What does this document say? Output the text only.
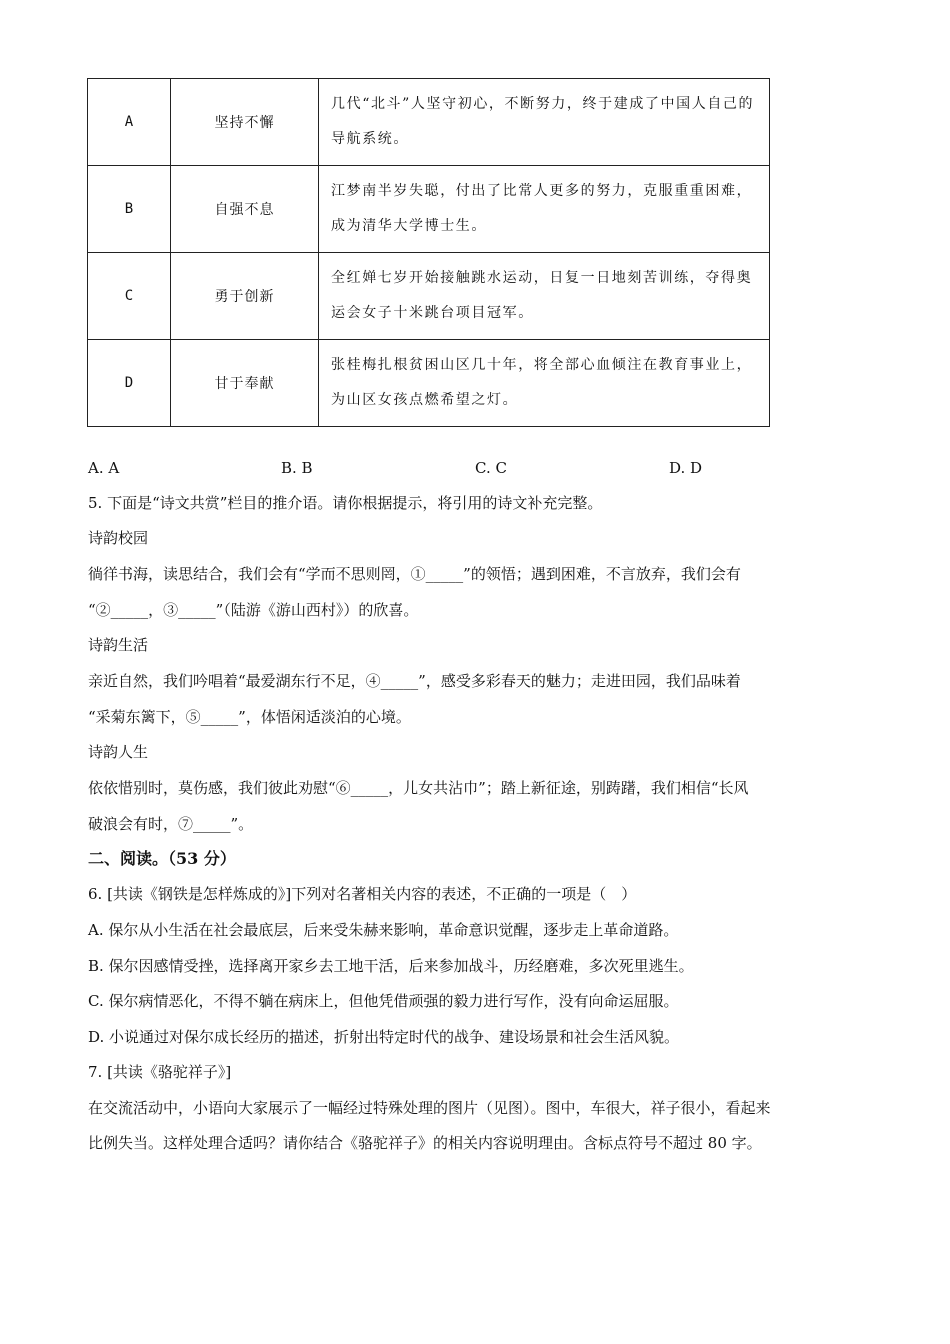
A	坚持不懈	几代“北斗”人坚守初心，不断努力，终于建成了中国人自己的导航系统。
B	自强不息	江梦南半岁失聪，付出了比常人更多的努力，克服重重困难，成为清华大学博士生。
C	勇于创新	全红婵七岁开始接触跳水运动，日复一日地刻苦训练，夺得奥运会女子十米跳台项目冠军。
D	甘于奉献	张桂梅扎根贫困山区几十年，将全部心血倾注在教育事业上，为山区女孩点燃希望之灯。
A. A	B. B	C. C	D. D
5. 下面是“诗文共赏”栏目的推介语。请你根据提示，将引用的诗文补充完整。
诗韵校园
徜徉书海，读思结合，我们会有“学而不思则罔，①_____”的领悟；遇到困难，不言放弃，我们会有
“②_____，③_____”（陆游《游山西村》）的欣喜。
诗韵生活
亲近自然，我们吟唱着“最爱湖东行不足，④_____”，感受多彩春天的魅力；走进田园，我们品味着
“采菊东篱下，⑤_____”，体悟闲适淡泊的心境。
诗韵人生
依依惜别时，莫伤感，我们彼此劝慰“⑥_____，儿女共沾巾”；踏上新征途，别踌躇，我们相信“长风
破浪会有时，⑦_____”。
二、阅读。（53 分）
6. [共读《钢铁是怎样炼成的》]下列对名著相关内容的表述，不正确的一项是（　）
A. 保尔从小生活在社会最底层，后来受朱赫来影响，革命意识觉醒，逐步走上革命道路。
B. 保尔因感情受挫，选择离开家乡去工地干活，后来参加战斗，历经磨难，多次死里逃生。
C. 保尔病情恶化，不得不躺在病床上，但他凭借顽强的毅力进行写作，没有向命运屈服。
D. 小说通过对保尔成长经历的描述，折射出特定时代的战争、建设场景和社会生活风貌。
7. [共读《骆驼祥子》]
在交流活动中，小语向大家展示了一幅经过特殊处理的图片（见图）。图中，车很大，祥子很小，看起来
比例失当。这样处理合适吗？请你结合《骆驼祥子》的相关内容说明理由。含标点符号不超过 80 字。
